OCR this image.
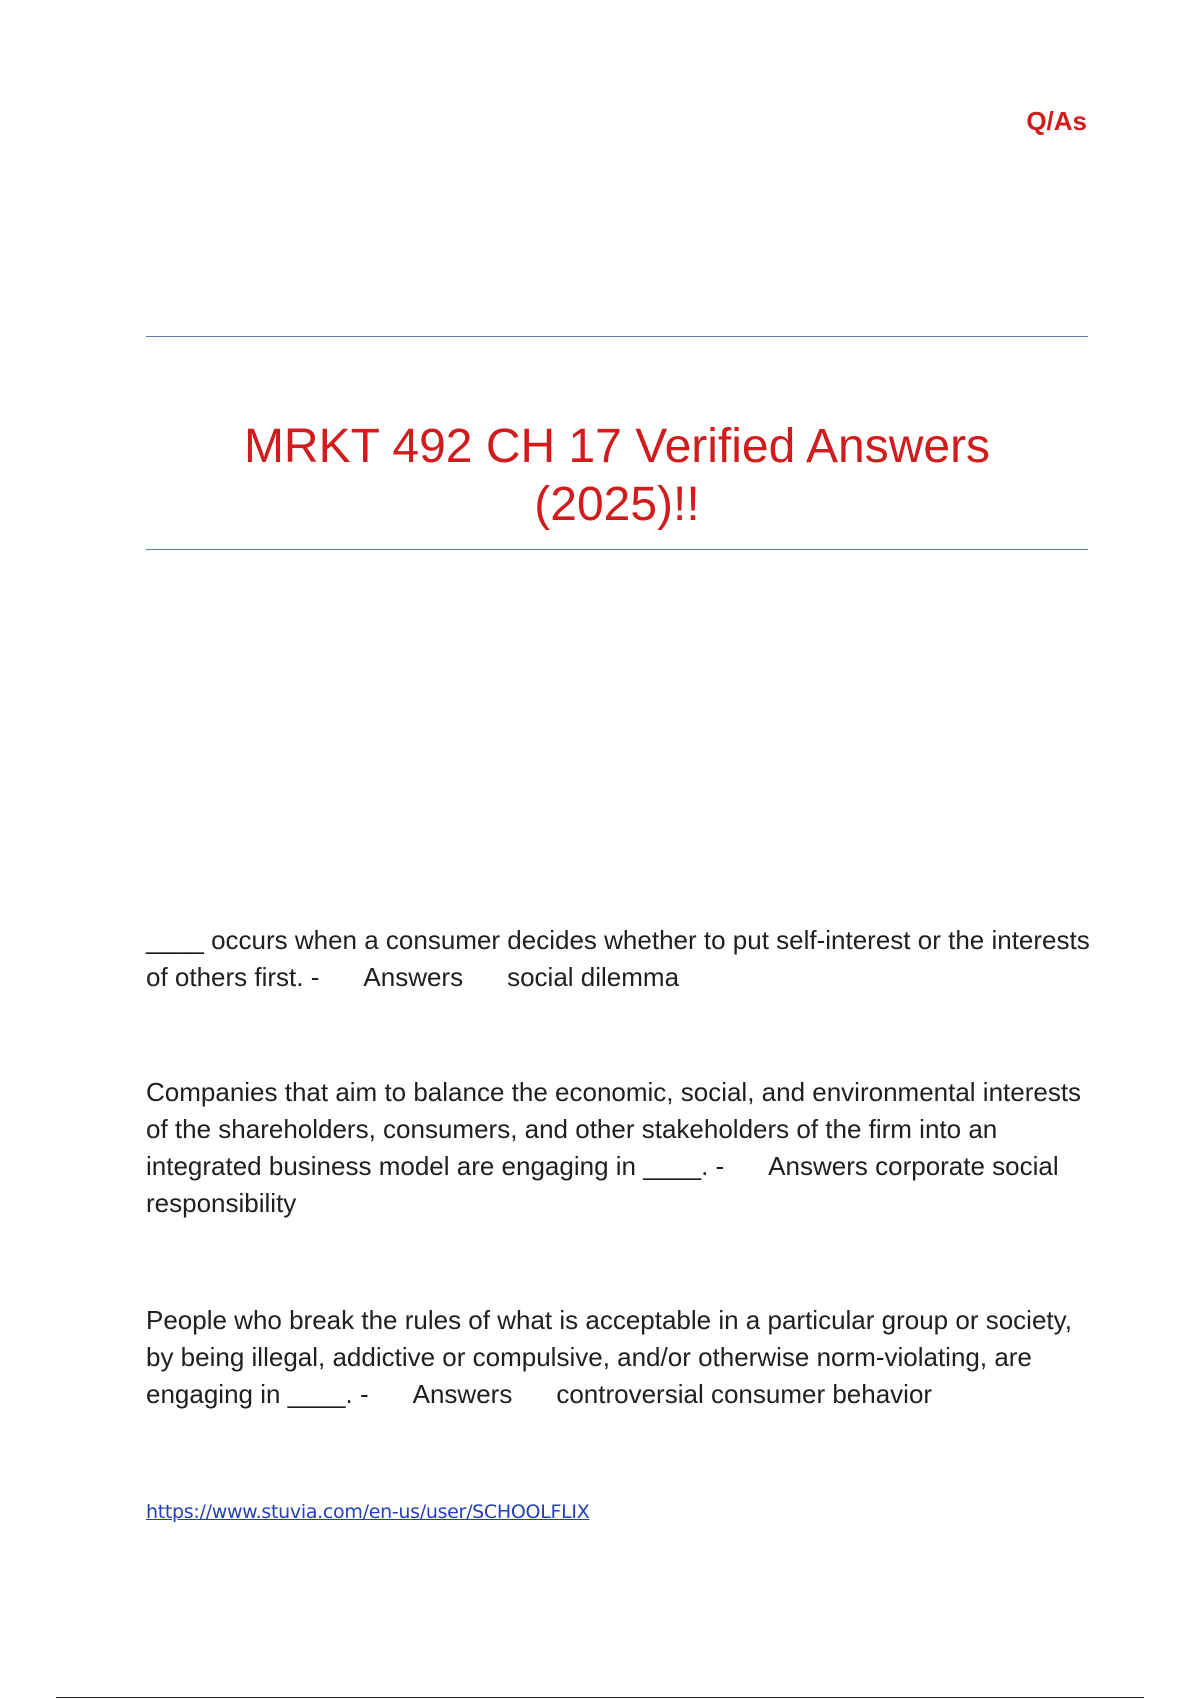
Q/As
MRKT 492 CH 17 Verified Answers
(2025)!!
____ occurs when a consumer decides whether to put self-interest or the interests of others first. - Answers social dilemma
Companies that aim to balance the economic, social, and environmental interests of the shareholders, consumers, and other stakeholders of the firm into an integrated business model are engaging in ____. - Answers corporate social responsibility
People who break the rules of what is acceptable in a particular group or society, by being illegal, addictive or compulsive, and/or otherwise norm-violating, are engaging in ____. - Answers controversial consumer behavior
https://www.stuvia.com/en-us/user/SCHOOLFLIX
